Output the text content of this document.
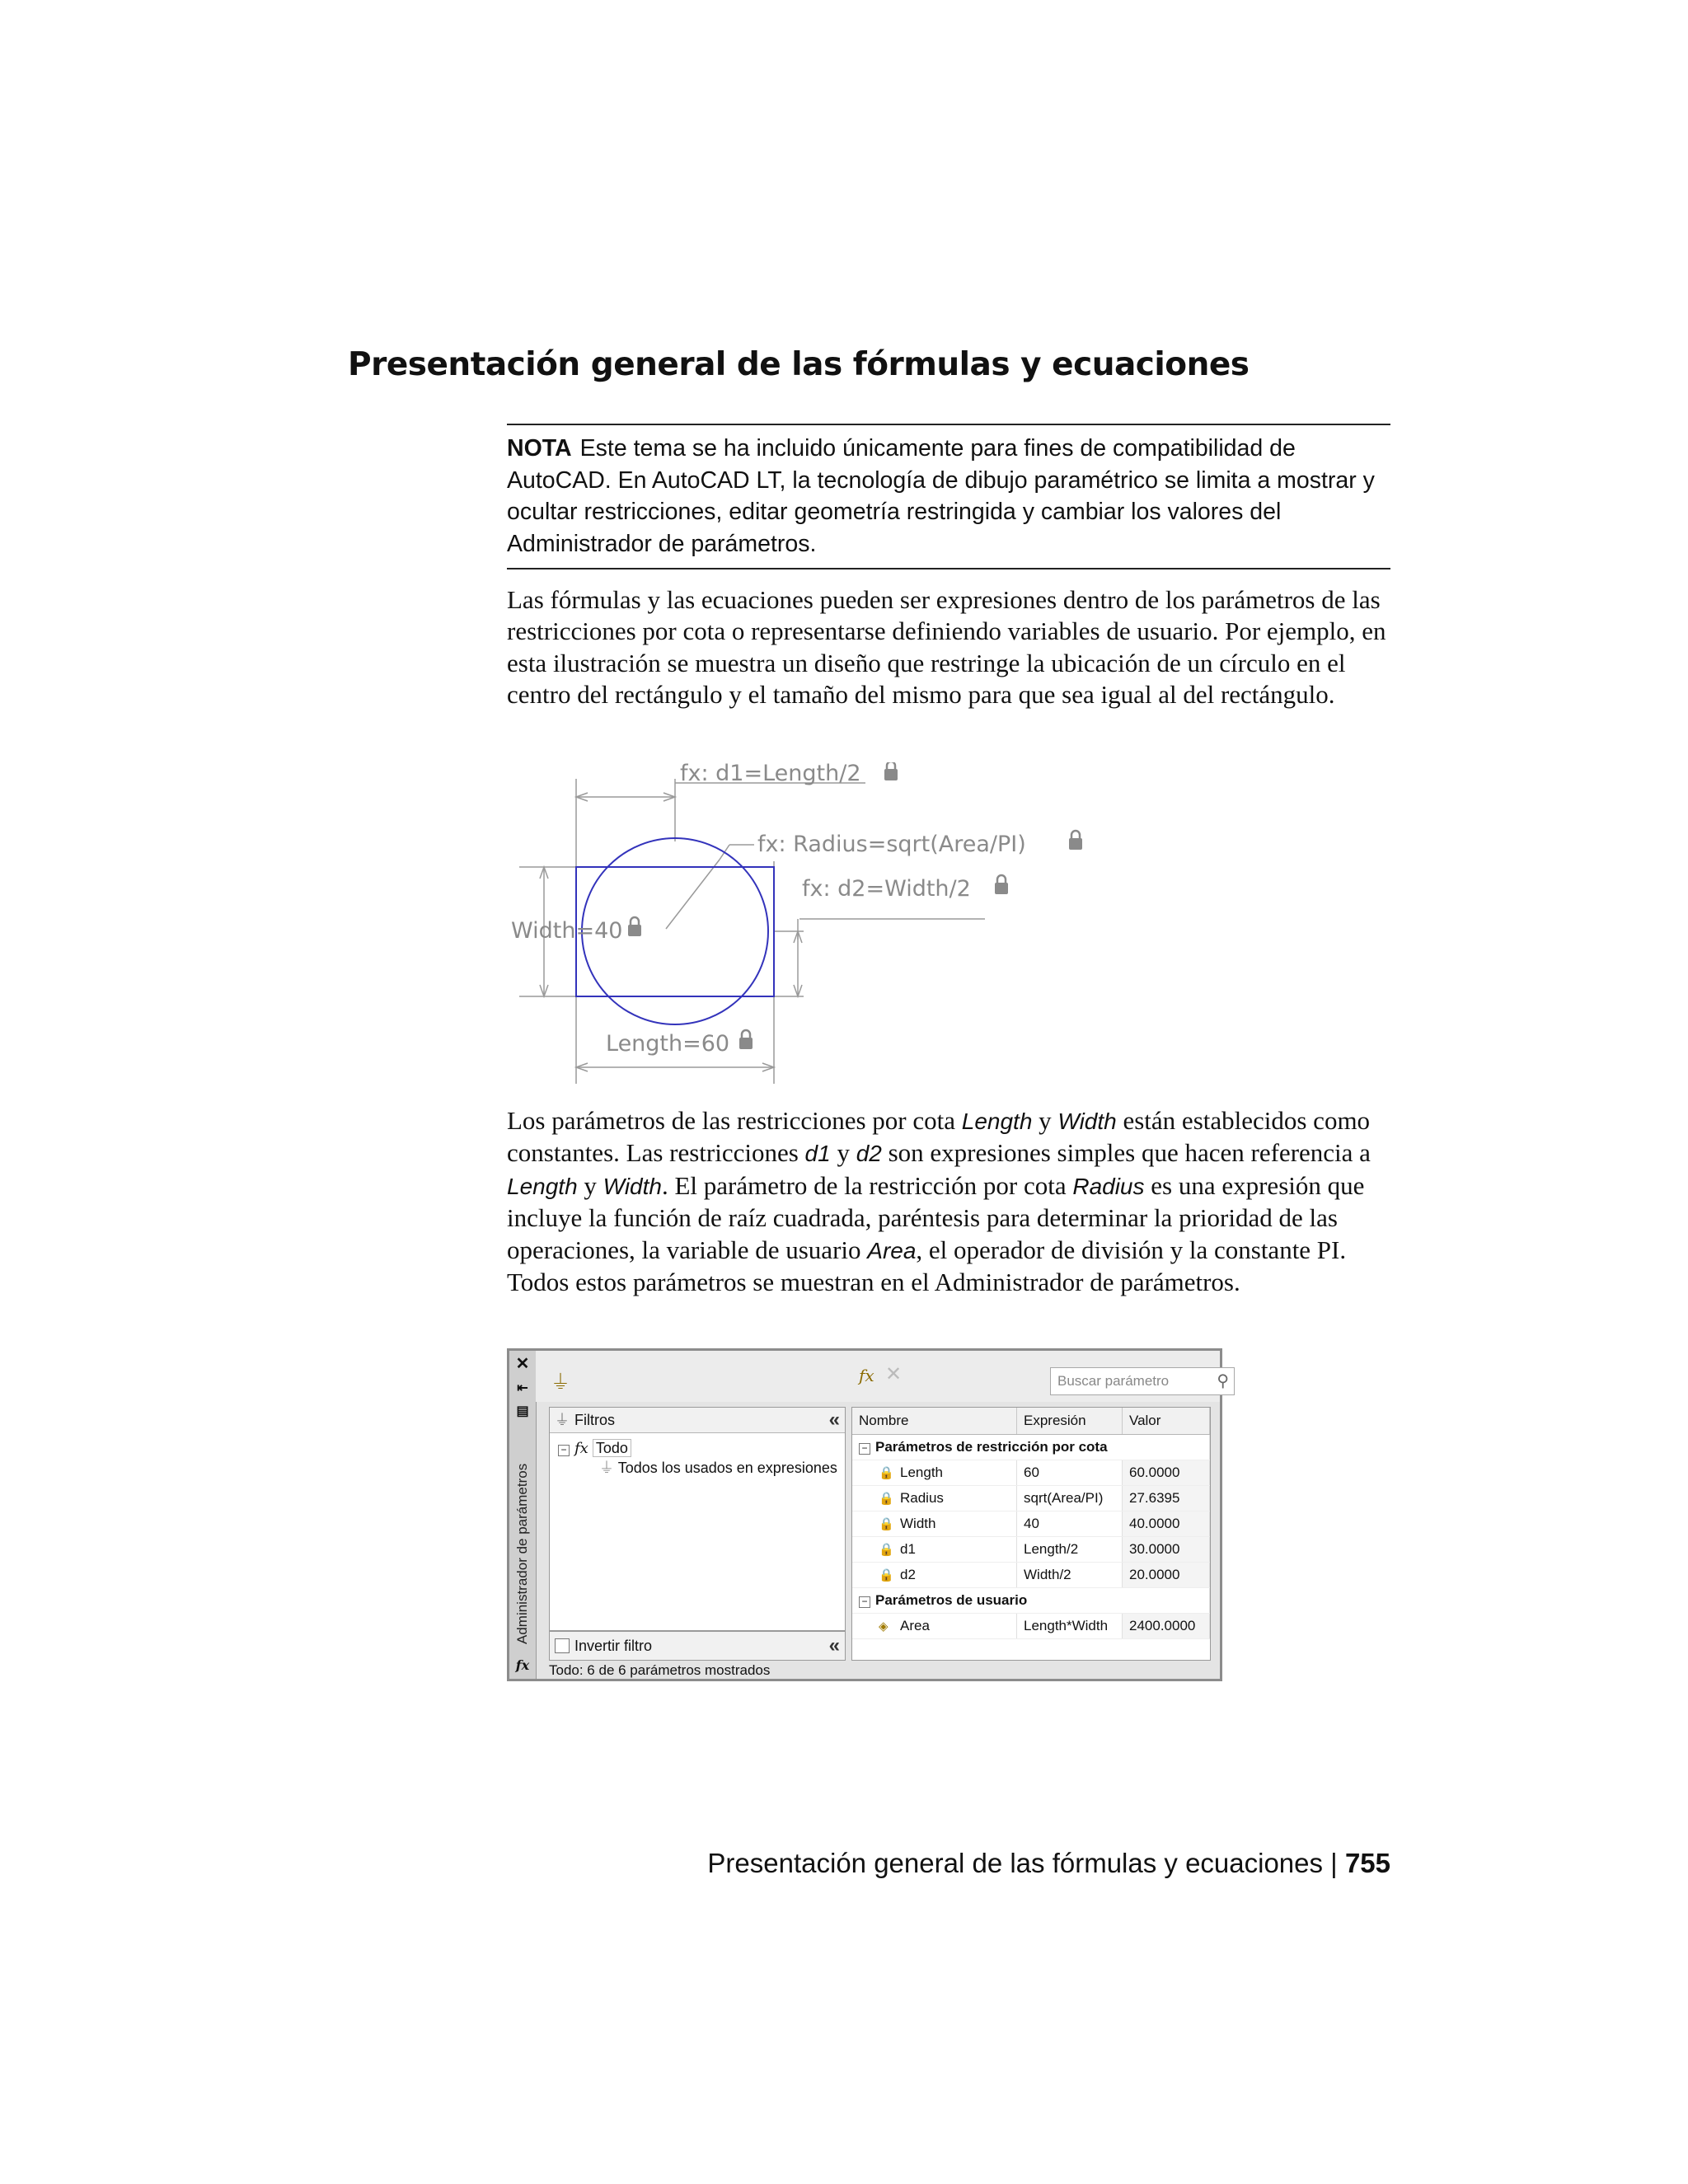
Presentación general de las fórmulas y ecuaciones
NOTA Este tema se ha incluido únicamente para fines de compatibilidad de AutoCAD. En AutoCAD LT, la tecnología de dibujo paramétrico se limita a mostrar y ocultar restricciones, editar geometría restringida y cambiar los valores del Administrador de parámetros.

Las fórmulas y las ecuaciones pueden ser expresiones dentro de los parámetros de las restricciones por cota o representarse definiendo variables de usuario. Por ejemplo, en esta ilustración se muestra un diseño que restringe la ubicación de un círculo en el centro del rectángulo y el tamaño del mismo para que sea igual al del rectángulo.

fx: d1=Length/2
fx: Radius=sqrt(Area/PI)
fx: d2=Width/2
Width=40
Length=60

Los parámetros de las restricciones por cota Length y Width están establecidos como constantes. Las restricciones d1 y d2 son expresiones simples que hacen referencia a Length y Width. El parámetro de la restricción por cota Radius es una expresión que incluye la función de raíz cuadrada, paréntesis para determinar la prioridad de las operaciones, la variable de usuario Area, el operador de división y la constante PI. Todos estos parámetros se muestran en el Administrador de parámetros.

✕
⇤
▤
Administrador de parámetros
fx
⏚	fx ✕	Buscar parámetro	⚲
⏚ Filtros	«
− fx Todo
⏚ Todos los usados en expresiones
Invertir filtro	«
Nombre	Expresión	Valor
− Parámetros de restricción por cota		
🔒 Length	60	60.0000
🔒 Radius	sqrt(Area/PI)	27.6395
🔒 Width	40	40.0000
🔒 d1	Length/2	30.0000
🔒 d2	Width/2	20.0000
− Parámetros de usuario		
◈ Area	Length*Width	2400.0000
Todo: 6 de 6 parámetros mostrados
Presentación general de las fórmulas y ecuaciones | 755
